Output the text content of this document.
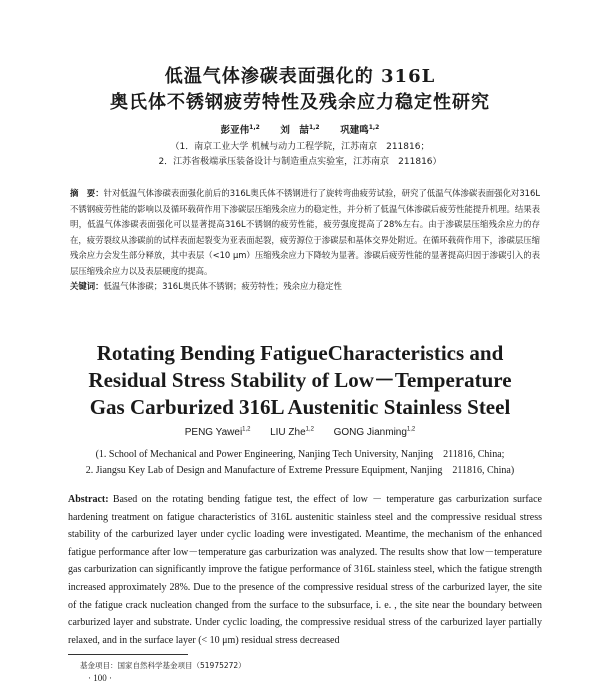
低温气体渗碳表面强化的 316L
奥氏体不锈钢疲劳特性及残余应力稳定性研究
彭亚伟$^{1,2}$ 刘　喆$^{1,2}$ 巩建鸣$^{1,2}$
（1．南京工业大学 机械与动力工程学院，江苏南京　211816；
2．江苏省极端承压装备设计与制造重点实验室，江苏南京　211816）
摘　要：针对低温气体渗碳表面强化前后的316L奥氏体不锈钢进行了旋转弯曲疲劳试验，研究了低温气体渗碳表面强化对316L不锈钢疲劳性能的影响以及循环载荷作用下渗碳层压缩残余应力的稳定性，并分析了低温气体渗碳后疲劳性能提升机理。结果表明，低温气体渗碳表面强化可以显著提高316L不锈钢的疲劳性能，疲劳强度提高了28%左右。由于渗碳层压缩残余应力的存在，疲劳裂纹从渗碳前的试样表面起裂变为亚表面起裂，疲劳源位于渗碳层和基体交界处附近。在循环载荷作用下，渗碳层压缩残余应力会发生部分释放，其中表层（<10 μm）压缩残余应力下降较为显著。渗碳后疲劳性能的显著提高归因于渗碳引入的表层压缩残余应力以及表层硬度的提高。
关键词：低温气体渗碳；316L奥氏体不锈钢；疲劳特性；残余应力稳定性
Rotating Bending FatigueCharacteristics and
Residual Stress Stability of Low－Temperature
Gas Carburized 316L Austenitic Stainless Steel
PENG Yawei$^{1,2}$ LIU Zhe$^{1,2}$ GONG Jianming$^{1,2}$
(1. School of Mechanical and Power Engineering, Nanjing Tech University, Nanjing　211816, China;
2. Jiangsu Key Lab of Design and Manufacture of Extreme Pressure Equipment, Nanjing　211816, China)
Abstract: Based on the rotating bending fatigue test, the effect of low － temperature gas carburization surface hardening treatment on fatigue characteristics of 316L austenitic stainless steel and the compressive residual stress stability of the carburized layer under cyclic loading were investigated. Meantime, the mechanism of the enhanced fatigue performance after low－temperature gas carburization was analyzed. The results show that low－temperature gas carburization can significantly improve the fatigue performance of 316L stainless steel, which the fatigue strength increased approximately 28%. Due to the presence of the compressive residual stress of the carburized layer, the site of the fatigue crack nucleation changed from the surface to the subsurface, i. e. , the site near the boundary between carburized layer and substrate. Under cyclic loading, the compressive residual stress of the carburized layer partially relaxed, and in the surface layer (< 10 μm) residual stress decreased
基金项目：国家自然科学基金项目（51975272）
· 100 ·
